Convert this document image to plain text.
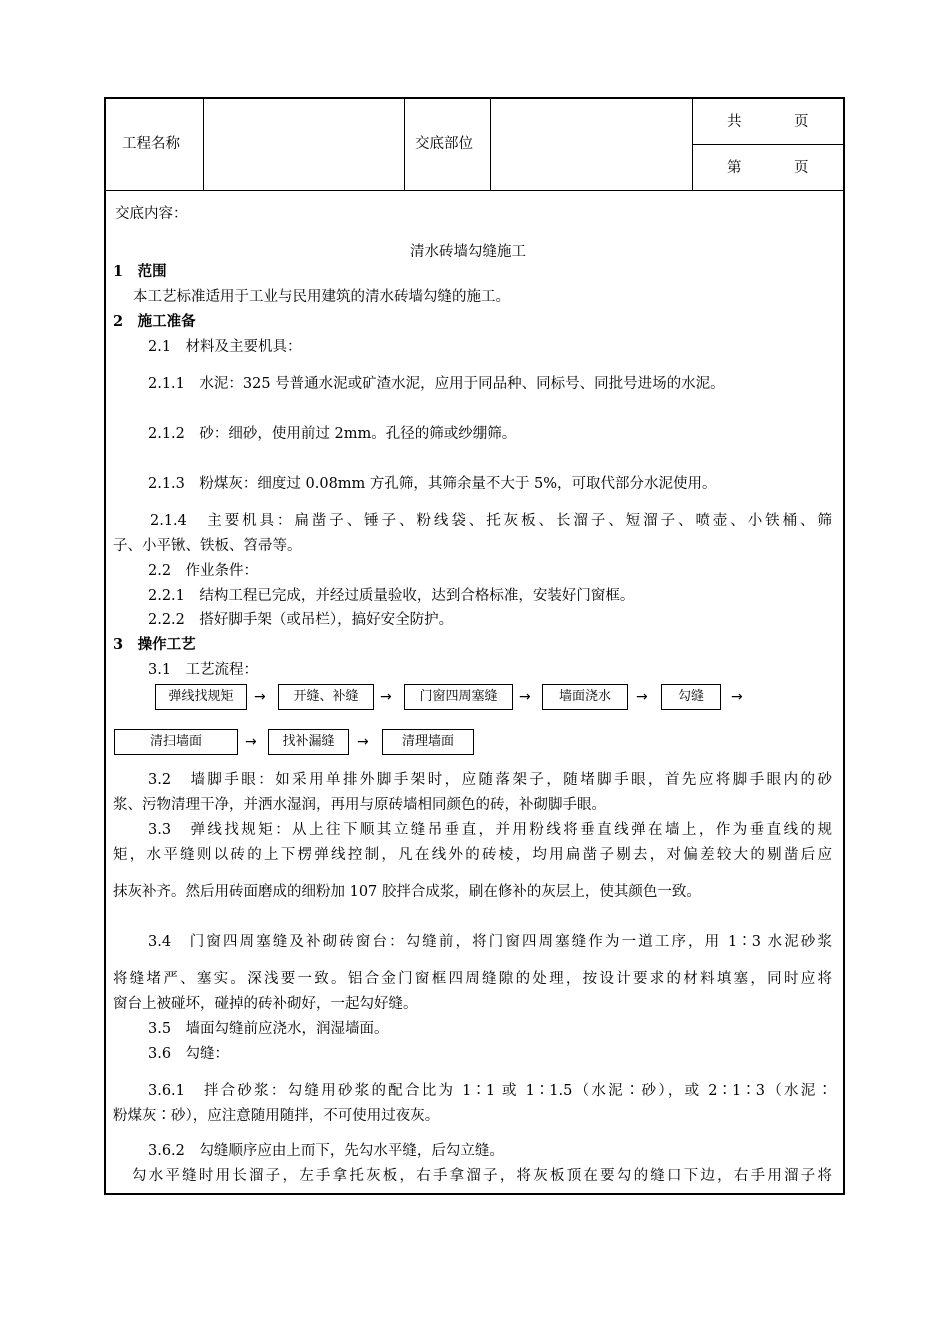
工程名称	交底部位
共	页
第	页
交底内容：
清水砖墙勾缝施工
1　范围
本工艺标准适用于工业与民用建筑的清水砖墙勾缝的施工。
2　施工准备
2.1　材料及主要机具：
2.1.1　水泥：325 号普通水泥或矿渣水泥，应用于同品种、同标号、同批号进场的水泥。
2.1.2　砂：细砂，使用前过 2mm。孔径的筛或纱绷筛。
2.1.3　粉煤灰：细度过 0.08mm 方孔筛，其筛余量不大于 5%，可取代部分水泥使用。
2.1.4　主要机具：扁凿子、锤子、粉线袋、托灰板、长溜子、短溜子、喷壶、小铁桶、筛
子、小平锹、铁板、笤帚等。
2.2　作业条件：
2.2.1　结构工程已完成，并经过质量验收，达到合格标准，安装好门窗框。
2.2.2　搭好脚手架（或吊栏），搞好安全防护。
3　操作工艺
3.1　工艺流程：
弹线找规矩	→	开缝、补缝	→	门窗四周塞缝	→	墙面浇水	→	勾缝	→
清扫墙面	→	找补漏缝	→	清理墙面
3.2　墙脚手眼：如采用单排外脚手架时，应随落架子，随堵脚手眼，首先应将脚手眼内的砂
浆、污物清理干净，并洒水湿润，再用与原砖墙相同颜色的砖，补砌脚手眼。
3.3　弹线找规矩：从上往下顺其立缝吊垂直，并用粉线将垂直线弹在墙上，作为垂直线的规
矩，水平缝则以砖的上下楞弹线控制，凡在线外的砖棱，均用扁凿子剔去，对偏差较大的剔凿后应
抹灰补齐。然后用砖面磨成的细粉加 107 胶拌合成浆，刷在修补的灰层上，使其颜色一致。
3.4　门窗四周塞缝及补砌砖窗台：勾缝前，将门窗四周塞缝作为一道工序，用 1∶3 水泥砂浆
将缝堵严、塞实。深浅要一致。铝合金门窗框四周缝隙的处理，按设计要求的材料填塞，同时应将
窗台上被碰坏，碰掉的砖补砌好，一起勾好缝。
3.5　墙面勾缝前应浇水，润湿墙面。
3.6　勾缝：
3.6.1　拌合砂浆：勾缝用砂浆的配合比为 1∶1 或 1∶1.5（水泥∶砂），或 2∶1∶3（水泥∶
粉煤灰∶砂），应注意随用随拌，不可使用过夜灰。
3.6.2　勾缝顺序应由上而下，先勾水平缝，后勾立缝。
勾水平缝时用长溜子，左手拿托灰板，右手拿溜子，将灰板顶在要勾的缝口下边，右手用溜子将
